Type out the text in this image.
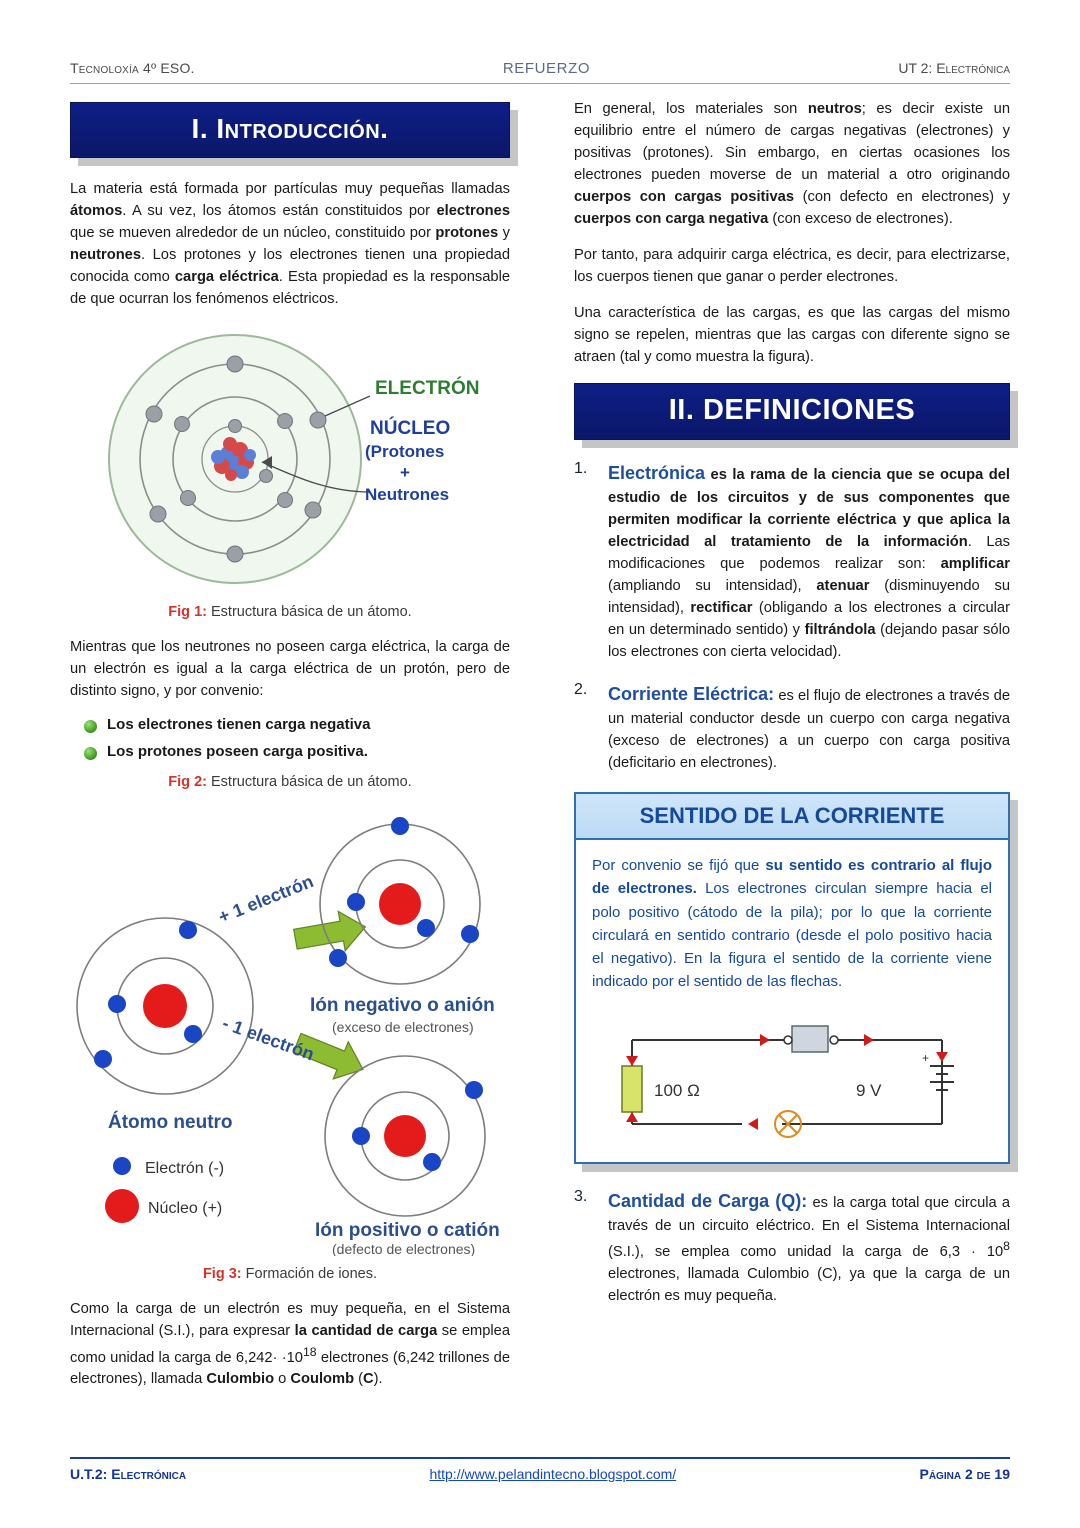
Tecnoloxía 4º ESO.	REFUERZO	UT 2: Electrónica
I. Introducción.

La materia está formada por partículas muy pequeñas llamadas átomos. A su vez, los átomos están constituidos por electrones que se mueven alrededor de un núcleo, constituido por protones y neutrones. Los protones y los electrones tienen una propiedad conocida como carga eléctrica. Esta propiedad es la responsable de que ocurran los fenómenos eléctricos.

ELECTRÓN
NÚCLEO
(Protones
+
Neutrones
Fig 1: Estructura básica de un átomo.

Mientras que los neutrones no poseen carga eléctrica, la carga de un electrón es igual a la carga eléctrica de un protón, pero de distinto signo, y por convenio:

Los electrones tienen carga negativa
Los protones poseen carga positiva.
Fig 2: Estructura básica de un átomo.
Átomo neutro
Electrón (-)
Núcleo (+)
+ 1 electrón
- 1 electrón
Ión negativo o anión
(exceso de electrones)
Ión positivo o catión
(defecto de electrones)
Fig 3: Formación de iones.

Como la carga de un electrón es muy pequeña, en el Sistema Internacional (S.I.), para expresar la cantidad de carga se emplea como unidad la carga de $6,242\cdot \cdot 10^{18}$ electrones (6,242 trillones de electrones), llamada Culombio o Coulomb (C).

En general, los materiales son neutros; es decir existe un equilibrio entre el número de cargas negativas (electrones) y positivas (protones). Sin embargo, en ciertas ocasiones los electrones pueden moverse de un material a otro originando cuerpos con cargas positivas (con defecto en electrones) y cuerpos con carga negativa (con exceso de electrones).

Por tanto, para adquirir carga eléctrica, es decir, para electrizarse, los cuerpos tienen que ganar o perder electrones.

Una característica de las cargas, es que las cargas del mismo signo se repelen, mientras que las cargas con diferente signo se atraen (tal y como muestra la figura).

II. DEFINICIONES
1.	Electrónica es la rama de la ciencia que se ocupa del estudio de los circuitos y de sus componentes que permiten modificar la corriente eléctrica y que aplica la electricidad al tratamiento de la información. Las modificaciones que podemos realizar son: amplificar (ampliando su intensidad), atenuar (disminuyendo su intensidad), rectificar (obligando a los electrones a circular en un determinado sentido) y filtrándola (dejando pasar sólo los electrones con cierta velocidad).
2.	Corriente Eléctrica: es el flujo de electrones a través de un material conductor desde un cuerpo con carga negativa (exceso de electrones) a un cuerpo con carga positiva (deficitario en electrones).
SENTIDO DE LA CORRIENTE

Por convenio se fijó que su sentido es contrario al flujo de electrones. Los electrones circulan siempre hacia el polo positivo (cátodo de la pila); por lo que la corriente circulará en sentido contrario (desde el polo positivo hacia el negativo). En la figura el sentido de la corriente viene indicado por el sentido de las flechas.

100 Ω
+
9 V
3.	Cantidad de Carga (Q): es la carga total que circula a través de un circuito eléctrico. En el Sistema Internacional (S.I.), se emplea como unidad la carga de $6,3 \cdot 10^8$ electrones, llamada Culombio (C), ya que la carga de un electrón es muy pequeña.
U.T.2: Electrónica	http://www.pelandintecno.blogspot.com/	Página 2 de 19
